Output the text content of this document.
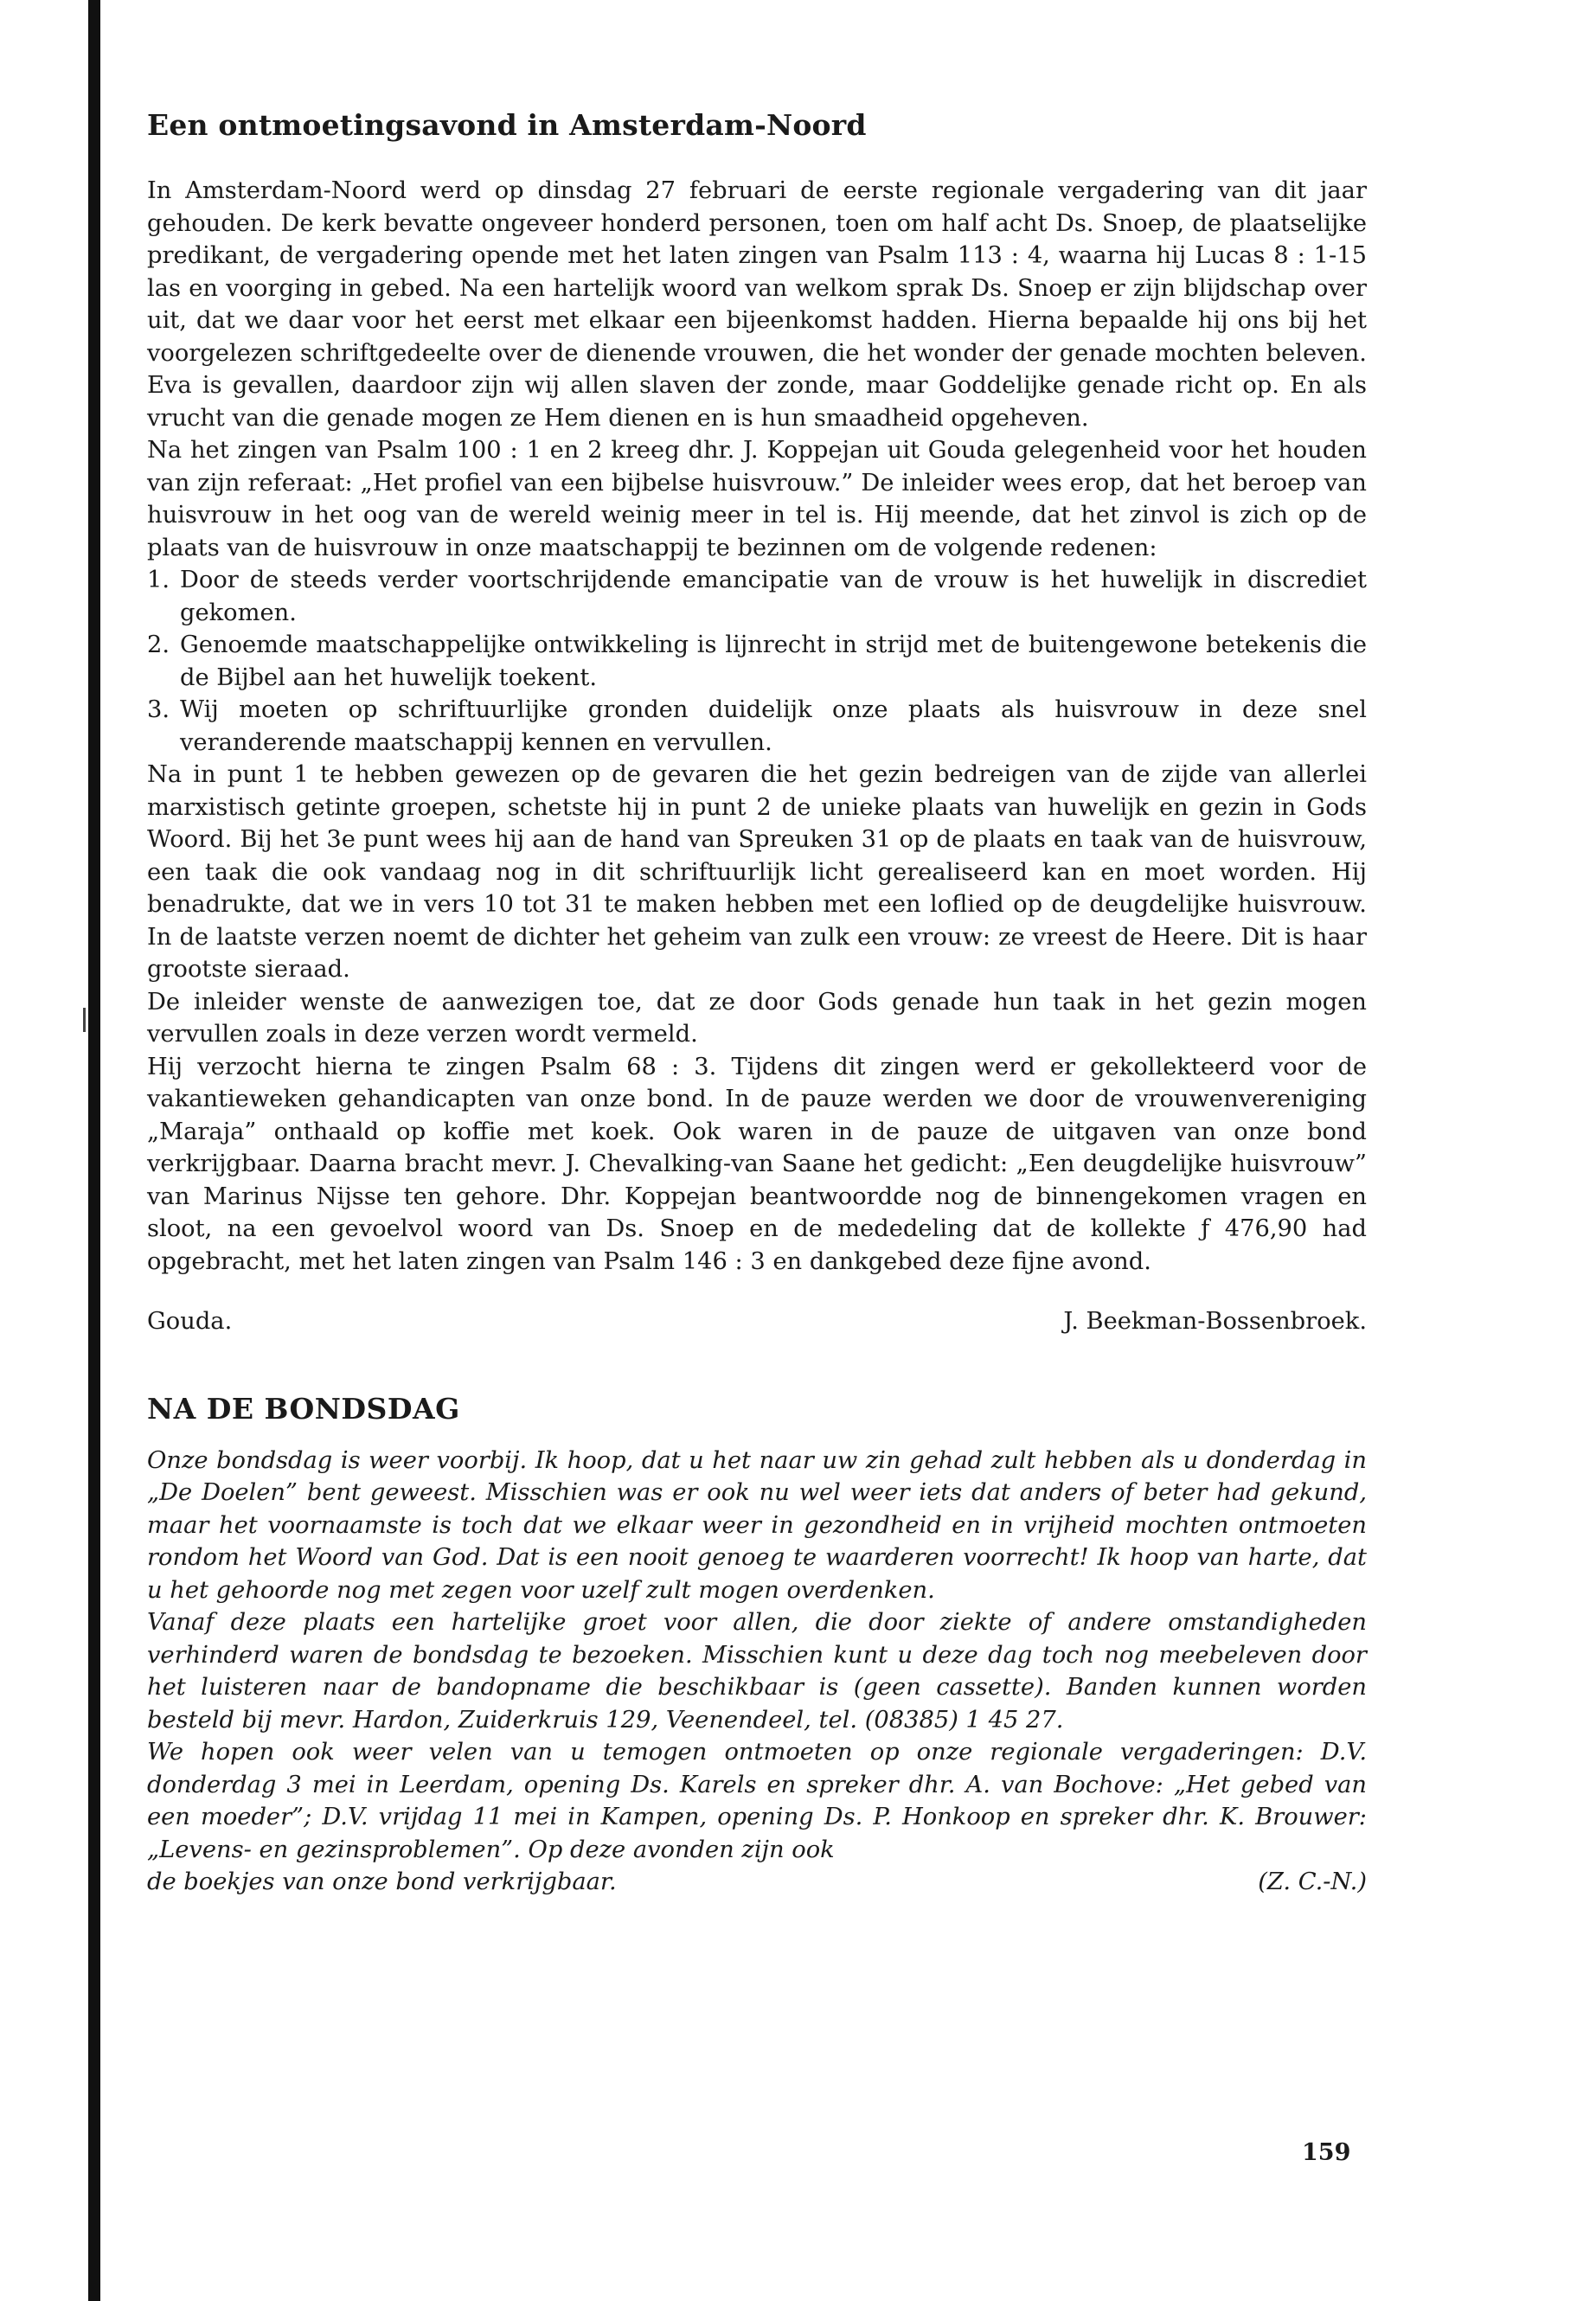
Een ontmoetingsavond in Amsterdam-Noord

In Amsterdam-Noord werd op dinsdag 27 februari de eerste regionale vergadering van dit jaar gehouden. De kerk bevatte ongeveer honderd personen, toen om half acht Ds. Snoep, de plaatselijke predikant, de vergadering opende met het laten zingen van Psalm 113 : 4, waarna hij Lucas 8 : 1-15 las en voorging in gebed. Na een hartelijk woord van welkom sprak Ds. Snoep er zijn blijdschap over uit, dat we daar voor het eerst met elkaar een bijeenkomst hadden. Hierna bepaalde hij ons bij het voorgelezen schriftgedeelte over de dienende vrouwen, die het wonder der genade mochten beleven. Eva is gevallen, daardoor zijn wij allen slaven der zonde, maar Goddelijke genade richt op. En als vrucht van die genade mogen ze Hem dienen en is hun smaadheid opgeheven.

Na het zingen van Psalm 100 : 1 en 2 kreeg dhr. J. Koppejan uit Gouda gelegenheid voor het houden van zijn referaat: „Het profiel van een bijbelse huisvrouw.” De inleider wees erop, dat het beroep van huisvrouw in het oog van de wereld weinig meer in tel is. Hij meende, dat het zinvol is zich op de plaats van de huisvrouw in onze maatschappij te bezinnen om de volgende redenen:

1. Door de steeds verder voortschrijdende emancipatie van de vrouw is het huwelijk in discrediet gekomen.
2. Genoemde maatschappelijke ontwikkeling is lijnrecht in strijd met de buitengewone betekenis die de Bijbel aan het huwelijk toekent.
3. Wij moeten op schriftuurlijke gronden duidelijk onze plaats als huisvrouw in deze snel veranderende maatschappij kennen en vervullen.

Na in punt 1 te hebben gewezen op de gevaren die het gezin bedreigen van de zijde van allerlei marxistisch getinte groepen, schetste hij in punt 2 de unieke plaats van huwelijk en gezin in Gods Woord. Bij het 3e punt wees hij aan de hand van Spreuken 31 op de plaats en taak van de huisvrouw, een taak die ook vandaag nog in dit schriftuurlijk licht gerealiseerd kan en moet worden. Hij benadrukte, dat we in vers 10 tot 31 te maken hebben met een loflied op de deugdelijke huisvrouw. In de laatste verzen noemt de dichter het geheim van zulk een vrouw: ze vreest de Heere. Dit is haar grootste sieraad.

De inleider wenste de aanwezigen toe, dat ze door Gods genade hun taak in het gezin mogen vervullen zoals in deze verzen wordt vermeld.

Hij verzocht hierna te zingen Psalm 68 : 3. Tijdens dit zingen werd er gekollekteerd voor de vakantieweken gehandicapten van onze bond. In de pauze werden we door de vrouwenvereniging „Maraja” onthaald op koffie met koek. Ook waren in de pauze de uitgaven van onze bond verkrijgbaar. Daarna bracht mevr. J. Chevalking-van Saane het gedicht: „Een deugdelijke huisvrouw” van Marinus Nijsse ten gehore. Dhr. Koppejan beantwoordde nog de binnengekomen vragen en sloot, na een gevoelvol woord van Ds. Snoep en de mededeling dat de kollekte ƒ 476,90 had opgebracht, met het laten zingen van Psalm 146 : 3 en dankgebed deze fijne avond.

Gouda.	J. Beekman-Bossenbroek.
NA DE BONDSDAG

Onze bondsdag is weer voorbij. Ik hoop, dat u het naar uw zin gehad zult hebben als u donderdag in „De Doelen” bent geweest. Misschien was er ook nu wel weer iets dat anders of beter had gekund, maar het voornaamste is toch dat we elkaar weer in gezondheid en in vrijheid mochten ontmoeten rondom het Woord van God. Dat is een nooit genoeg te waarderen voorrecht! Ik hoop van harte, dat u het gehoorde nog met zegen voor uzelf zult mogen overdenken.

Vanaf deze plaats een hartelijke groet voor allen, die door ziekte of andere omstandigheden verhinderd waren de bondsdag te bezoeken. Misschien kunt u deze dag toch nog meebeleven door het luisteren naar de bandopname die beschikbaar is (geen cassette). Banden kunnen worden besteld bij mevr. Hardon, Zuiderkruis 129, Veenendeel, tel. (08385) 1 45 27.

We hopen ook weer velen van u temogen ontmoeten op onze regionale vergaderingen: D.V. donderdag 3 mei in Leerdam, opening Ds. Karels en spreker dhr. A. van Bochove: „Het gebed van een moeder”; D.V. vrijdag 11 mei in Kampen, opening Ds. P. Honkoop en spreker dhr. K. Brouwer: „Levens- en gezinsproblemen”. Op deze avonden zijn ook

de boekjes van onze bond verkrijgbaar.	(Z. C.-N.)

159
